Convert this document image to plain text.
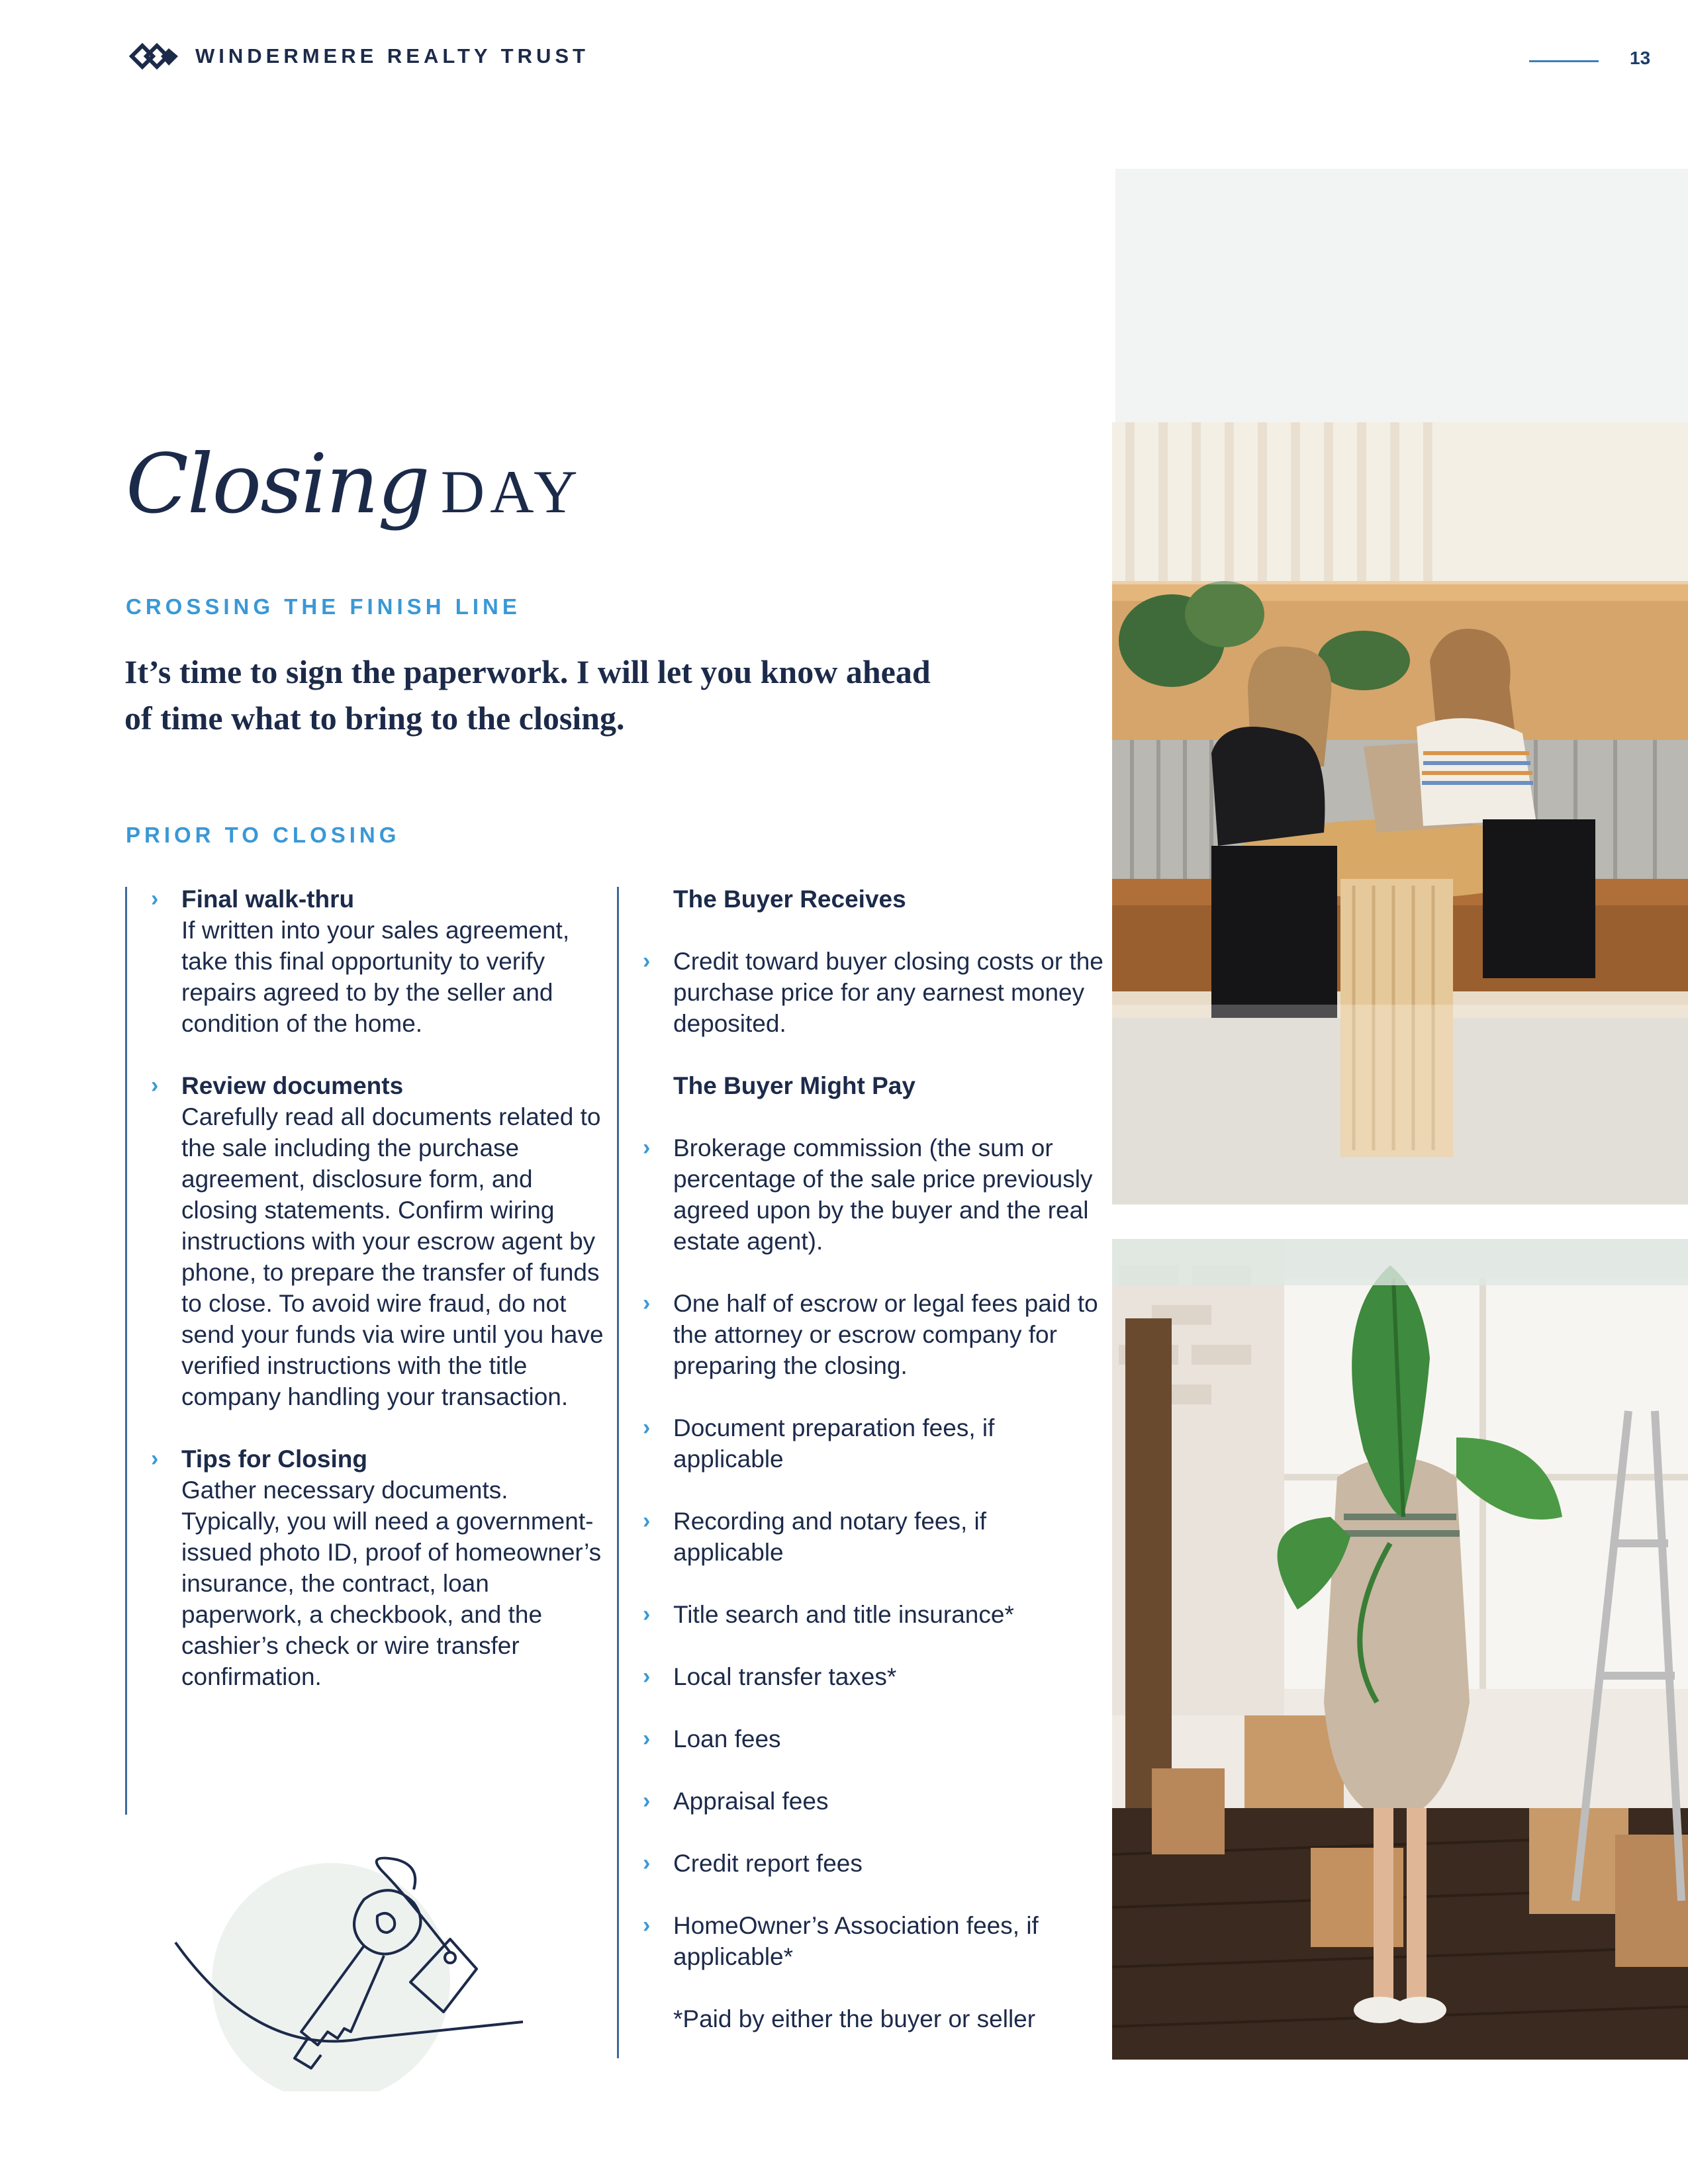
WINDERMERE REALTY TRUST	13
Closing DAY
CROSSING THE FINISH LINE
It’s time to sign the paperwork. I will let you know ahead of time what to bring to the closing.
PRIOR TO CLOSING
› Final walk-thru
If written into your sales agreement, take this final opportunity to verify repairs agreed to by the seller and condition of the home.
› Review documents
Carefully read all documents related to the sale including the purchase agreement, disclosure form, and closing statements. Confirm wiring instructions with your escrow agent by phone, to prepare the transfer of funds to close. To avoid wire fraud, do not send your funds via wire until you have verified instructions with the title company handling your transaction.
› Tips for Closing
Gather necessary documents. Typically, you will need a government-issued photo ID, proof of homeowner’s insurance, the contract, loan paperwork, a checkbook, and the cashier’s check or wire transfer confirmation.
The Buyer Receives
› Credit toward buyer closing costs or the purchase price for any earnest money deposited.
The Buyer Might Pay
› Brokerage commission (the sum or percentage of the sale price previously agreed upon by the buyer and the real estate agent).
› One half of escrow or legal fees paid to the attorney or escrow company for preparing the closing.
› Document preparation fees, if applicable
› Recording and notary fees, if applicable
› Title search and title insurance*
› Local transfer taxes*
› Loan fees
› Appraisal fees
› Credit report fees
› HomeOwner’s Association fees, if applicable*
*Paid by either the buyer or seller
